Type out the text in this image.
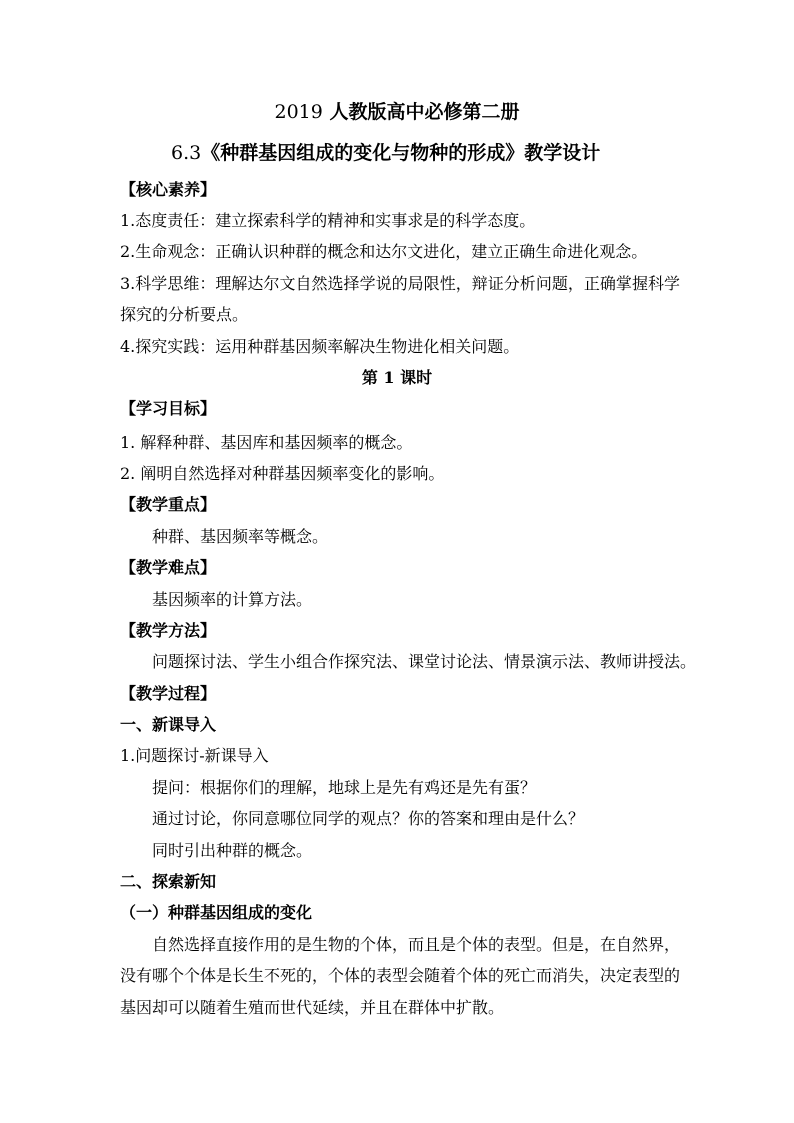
2019 人教版高中必修第二册
6.3《种群基因组成的变化与物种的形成》教学设计
【核心素养】
1.态度责任：建立探索科学的精神和实事求是的科学态度。
2.生命观念：正确认识种群的概念和达尔文进化，建立正确生命进化观念。
3.科学思维：理解达尔文自然选择学说的局限性，辩证分析问题，正确掌握科学
探究的分析要点。
4.探究实践：运用种群基因频率解决生物进化相关问题。
第 1 课时
【学习目标】
1. 解释种群、基因库和基因频率的概念。
2. 阐明自然选择对种群基因频率变化的影响。
【教学重点】
种群、基因频率等概念。
【教学难点】
基因频率的计算方法。
【教学方法】
问题探讨法、学生小组合作探究法、课堂讨论法、情景演示法、教师讲授法。
【教学过程】
一、新课导入
1.问题探讨-新课导入
提问：根据你们的理解，地球上是先有鸡还是先有蛋？
通过讨论，你同意哪位同学的观点？你的答案和理由是什么？
同时引出种群的概念。
二、探索新知
（一）种群基因组成的变化
自然选择直接作用的是生物的个体，而且是个体的表型。但是，在自然界，
没有哪个个体是长生不死的，个体的表型会随着个体的死亡而消失，决定表型的
基因却可以随着生殖而世代延续，并且在群体中扩散。
